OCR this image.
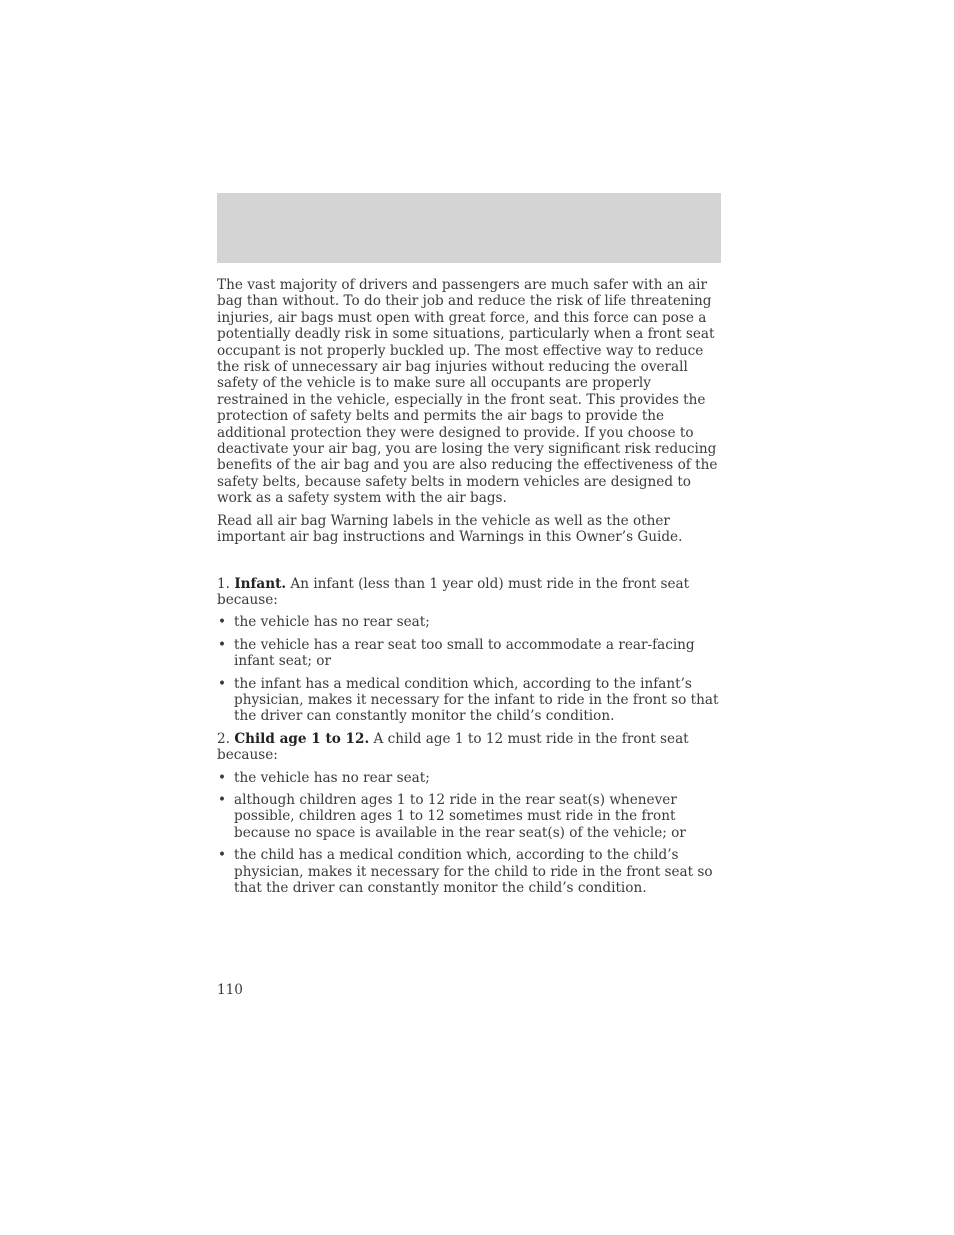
The vast majority of drivers and passengers are much safer with an air bag than without. To do their job and reduce the risk of life threatening injuries, air bags must open with great force, and this force can pose a potentially deadly risk in some situations, particularly when a front seat occupant is not properly buckled up. The most effective way to reduce the risk of unnecessary air bag injuries without reducing the overall safety of the vehicle is to make sure all occupants are properly restrained in the vehicle, especially in the front seat. This provides the protection of safety belts and permits the air bags to provide the additional protection they were designed to provide. If you choose to deactivate your air bag, you are losing the very significant risk reducing benefits of the air bag and you are also reducing the effectiveness of the safety belts, because safety belts in modern vehicles are designed to work as a safety system with the air bags.

Read all air bag Warning labels in the vehicle as well as the other important air bag instructions and Warnings in this Owner’s Guide.

1. Infant. An infant (less than 1 year old) must ride in the front seat because:

• the vehicle has no rear seat;
• the vehicle has a rear seat too small to accommodate a rear-facing infant seat; or
• the infant has a medical condition which, according to the infant’s physician, makes it necessary for the infant to ride in the front so that the driver can constantly monitor the child’s condition.

2. Child age 1 to 12. A child age 1 to 12 must ride in the front seat because:

• the vehicle has no rear seat;
• although children ages 1 to 12 ride in the rear seat(s) whenever possible, children ages 1 to 12 sometimes must ride in the front because no space is available in the rear seat(s) of the vehicle; or
• the child has a medical condition which, according to the child’s physician, makes it necessary for the child to ride in the front seat so that the driver can constantly monitor the child’s condition.
110
